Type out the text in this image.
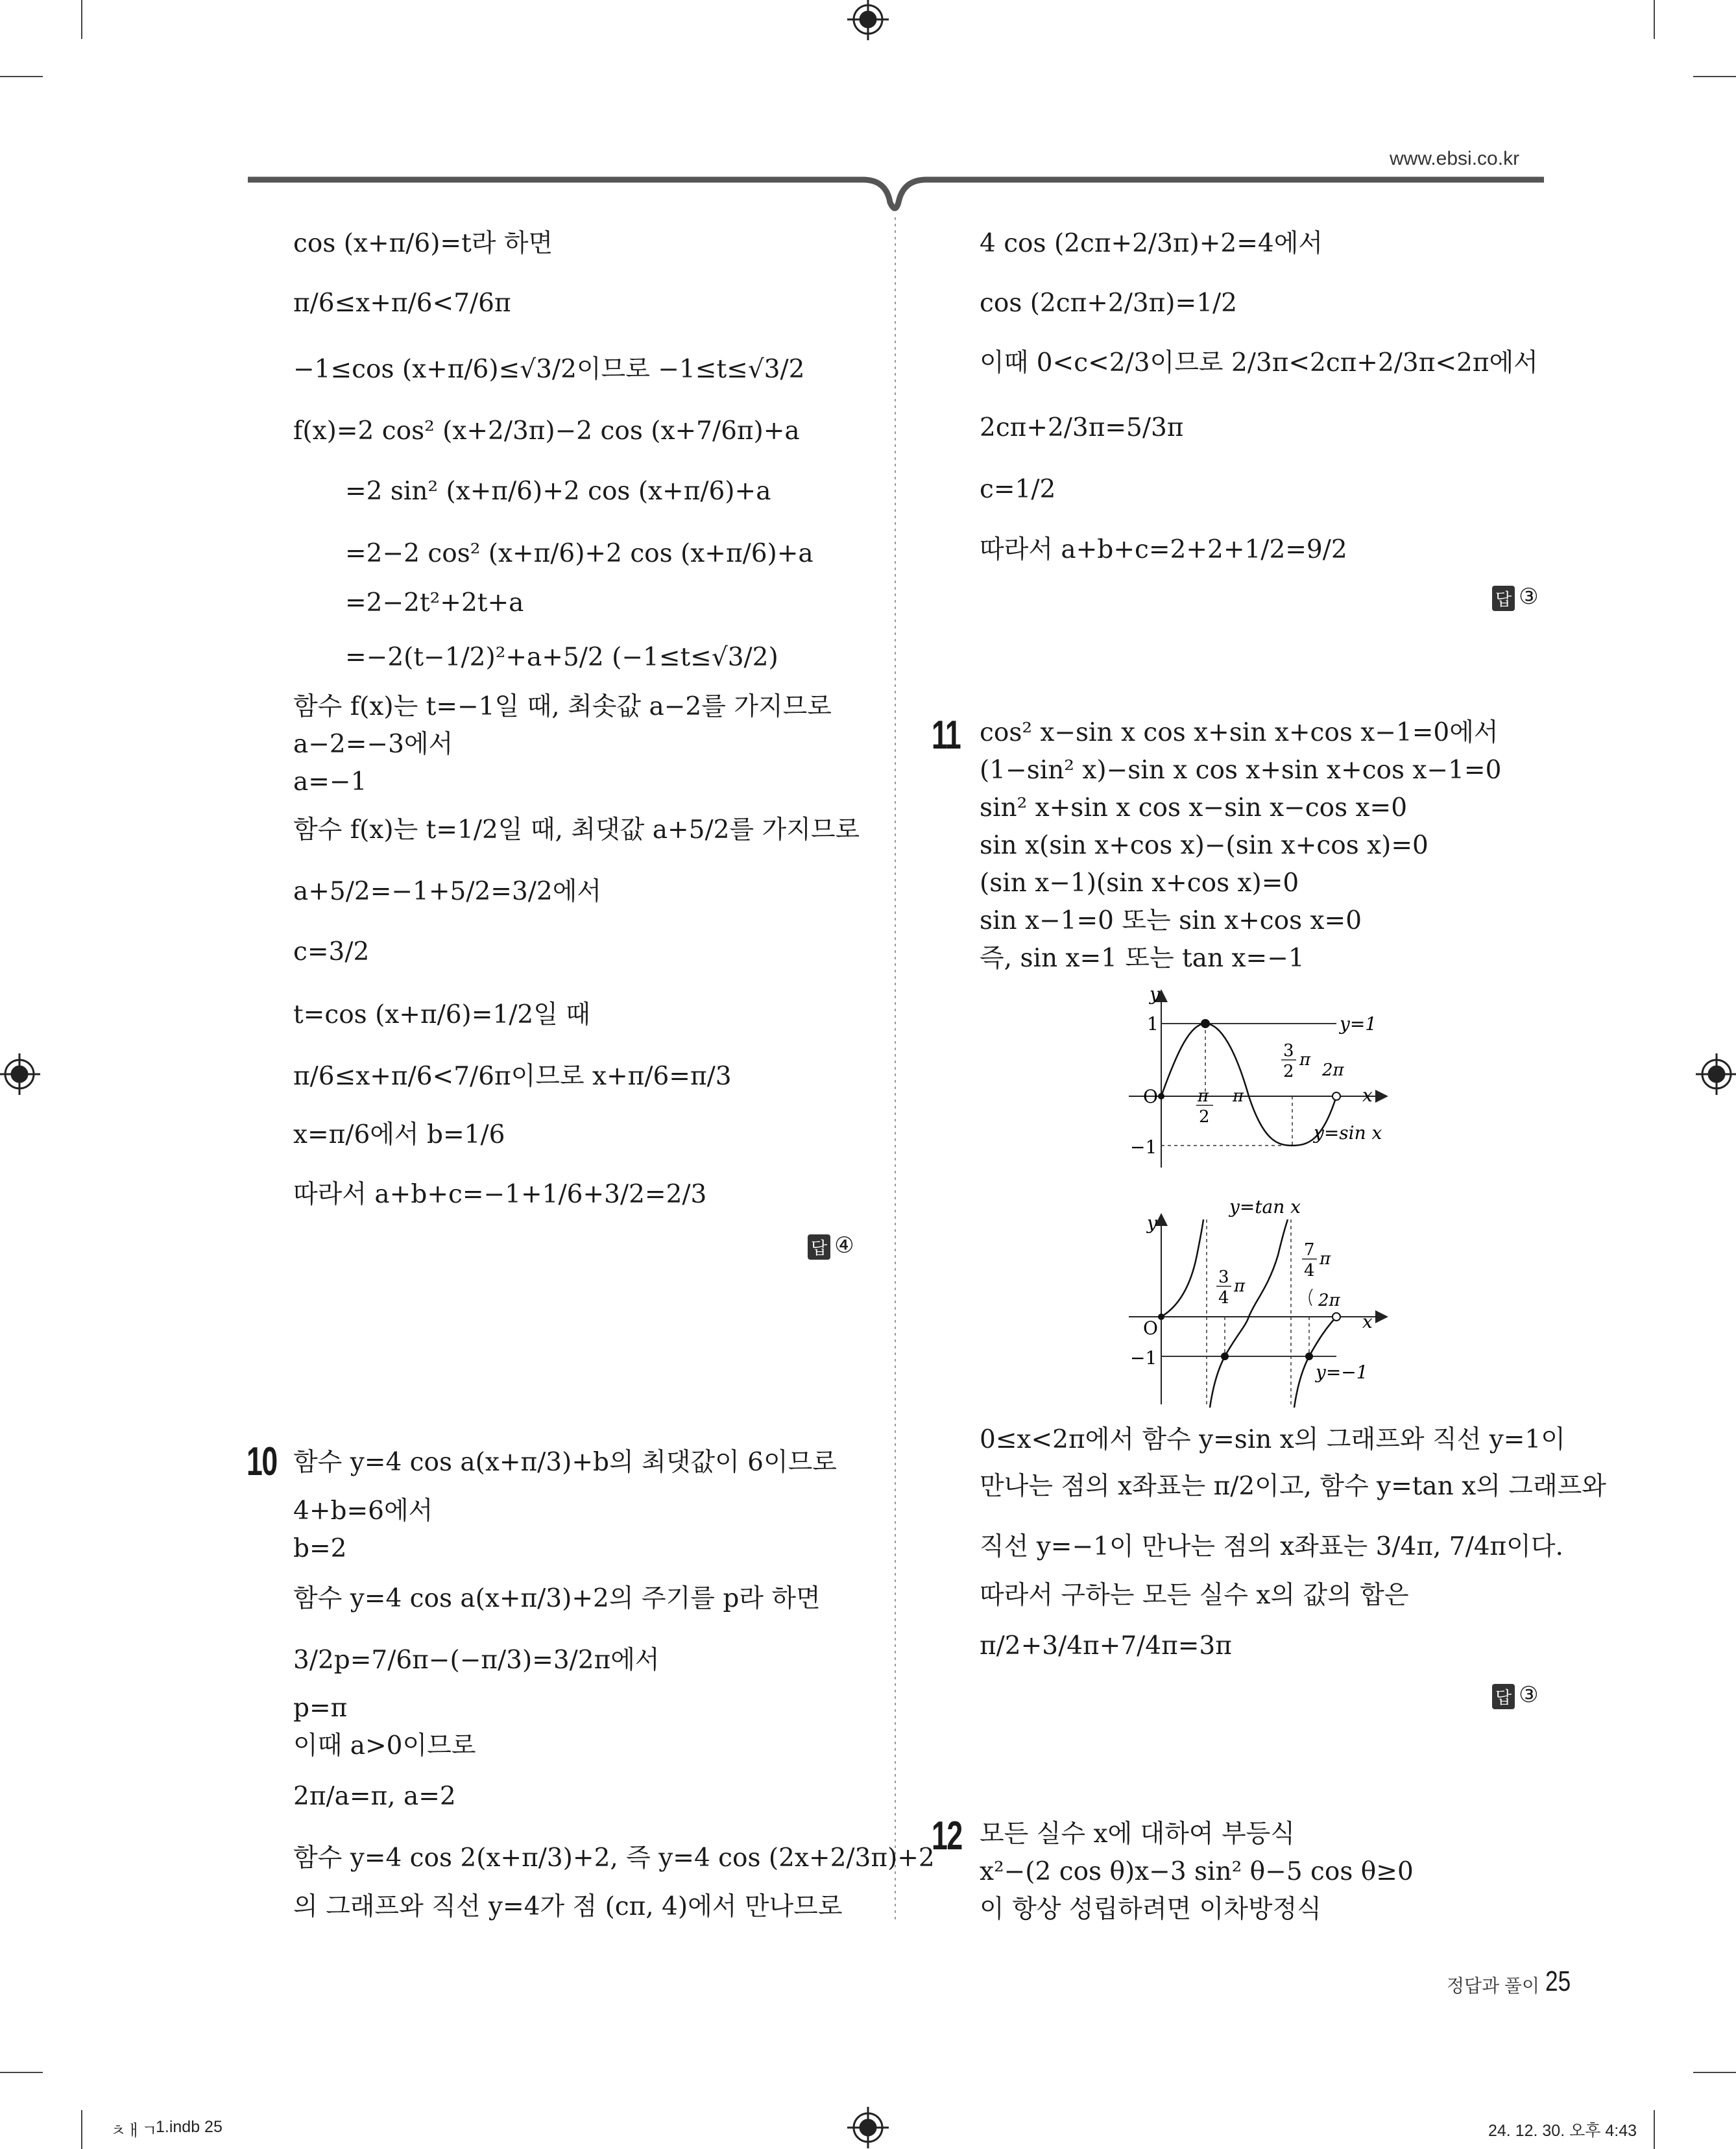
www.ebsi.co.kr
cos (x+π/6)=t라 하면
π/6≤x+π/6<7/6π
−1≤cos (x+π/6)≤√3/2이므로 −1≤t≤√3/2
f(x)=2 cos² (x+2/3π)−2 cos (x+7/6π)+a
=2 sin² (x+π/6)+2 cos (x+π/6)+a
=2−2 cos² (x+π/6)+2 cos (x+π/6)+a
=2−2t²+2t+a
=−2(t−1/2)²+a+5/2 (−1≤t≤√3/2)
함수 f(x)는 t=−1일 때, 최솟값 a−2를 가지므로
a−2=−3에서
a=−1
함수 f(x)는 t=1/2일 때, 최댓값 a+5/2를 가지므로
a+5/2=−1+5/2=3/2에서
c=3/2
t=cos (x+π/6)=1/2일 때
π/6≤x+π/6<7/6π이므로 x+π/6=π/3
x=π/6에서 b=1/6
따라서 a+b+c=−1+1/6+3/2=2/3
답 ④
10 함수 y=4 cos a(x+π/3)+b의 최댓값이 6이므로
4+b=6에서
b=2
함수 y=4 cos a(x+π/3)+2의 주기를 p라 하면
3/2p=7/6π−(−π/3)=3/2π에서
p=π
이때 a>0이므로
2π/a=π, a=2
함수 y=4 cos 2(x+π/3)+2, 즉 y=4 cos (2x+2/3π)+2
의 그래프와 직선 y=4가 점 (cπ, 4)에서 만나므로
4 cos (2cπ+2/3π)+2=4에서
cos (2cπ+2/3π)=1/2
이때 0<c<2/3이므로 2/3π<2cπ+2/3π<2π에서
2cπ+2/3π=5/3π
c=1/2
따라서 a+b+c=2+2+1/2=9/2
답 ③
11 cos² x−sin x cos x+sin x+cos x−1=0에서
(1−sin² x)−sin x cos x+sin x+cos x−1=0
sin² x+sin x cos x−sin x−cos x=0
sin x(sin x+cos x)−(sin x+cos x)=0
(sin x−1)(sin x+cos x)=0
sin x−1=0 또는 sin x+cos x=0
즉, sin x=1 또는 tan x=−1
y
x
O
1
−1
y=1
y=sin x
π
2
π
3
2
π
2π
y=tan x
y
x
O
−1
y=−1
3
4
π
7
4
π
2π
0≤x<2π에서 함수 y=sin x의 그래프와 직선 y=1이
만나는 점의 x좌표는 π/2이고, 함수 y=tan x의 그래프와
직선 y=−1이 만나는 점의 x좌표는 3/4π, 7/4π이다.
따라서 구하는 모든 실수 x의 값의 합은
π/2+3/4π+7/4π=3π
답 ③
12 모든 실수 x에 대하여 부등식
x²−(2 cos θ)x−3 sin² θ−5 cos θ≥0
이 항상 성립하려면 이차방정식
정답과 풀이 25
ㅊㅐㄱ
1.indb 25	24. 12. 30. 오후 4:43
